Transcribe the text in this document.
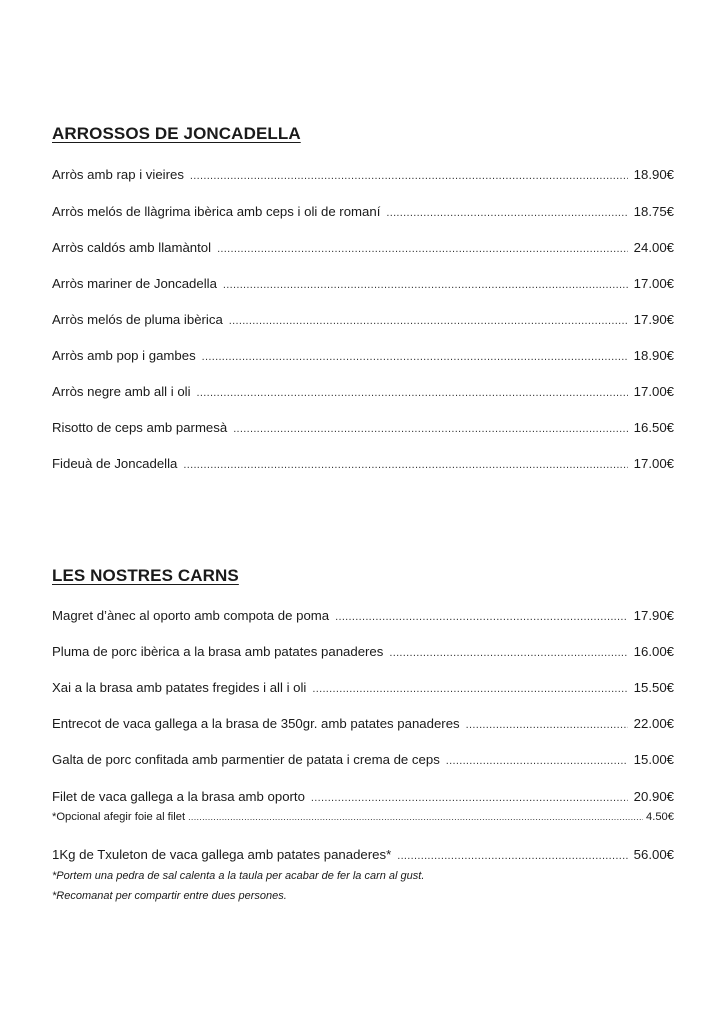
ARROSSOS DE JONCADELLA
Arròs amb rap i vieires .....	18.90€
Arròs melós de llàgrima ibèrica amb ceps i oli de romaní .....	18.75€
Arròs caldós amb llamàntol .....	24.00€
Arròs mariner de Joncadella .....	17.00€
Arròs melós de pluma ibèrica .....	17.90€
Arròs amb pop i gambes .....	18.90€
Arròs negre amb all i oli .....	17.00€
Risotto de ceps amb parmesà .....	16.50€
Fideuà de Joncadella .....	17.00€
LES NOSTRES CARNS
Magret d’ànec al oporto amb compota de poma .....	17.90€
Pluma de porc ibèrica a la brasa amb patates panaderes .....	16.00€
Xai a la brasa amb patates fregides i all i oli .....	15.50€
Entrecot de vaca gallega a la brasa de 350gr. amb patates panaderes .....	22.00€
Galta de porc confitada amb parmentier de patata i crema de ceps .....	15.00€
Filet de vaca gallega a la brasa amb oporto .....	20.90€
*Opcional afegir foie al filet .....	4.50€
1Kg de Txuleton de vaca gallega amb patates panaderes* .....	56.00€
*Portem una pedra de sal calenta a la taula per acabar de fer la carn al gust.
*Recomanat per compartir entre dues persones.
